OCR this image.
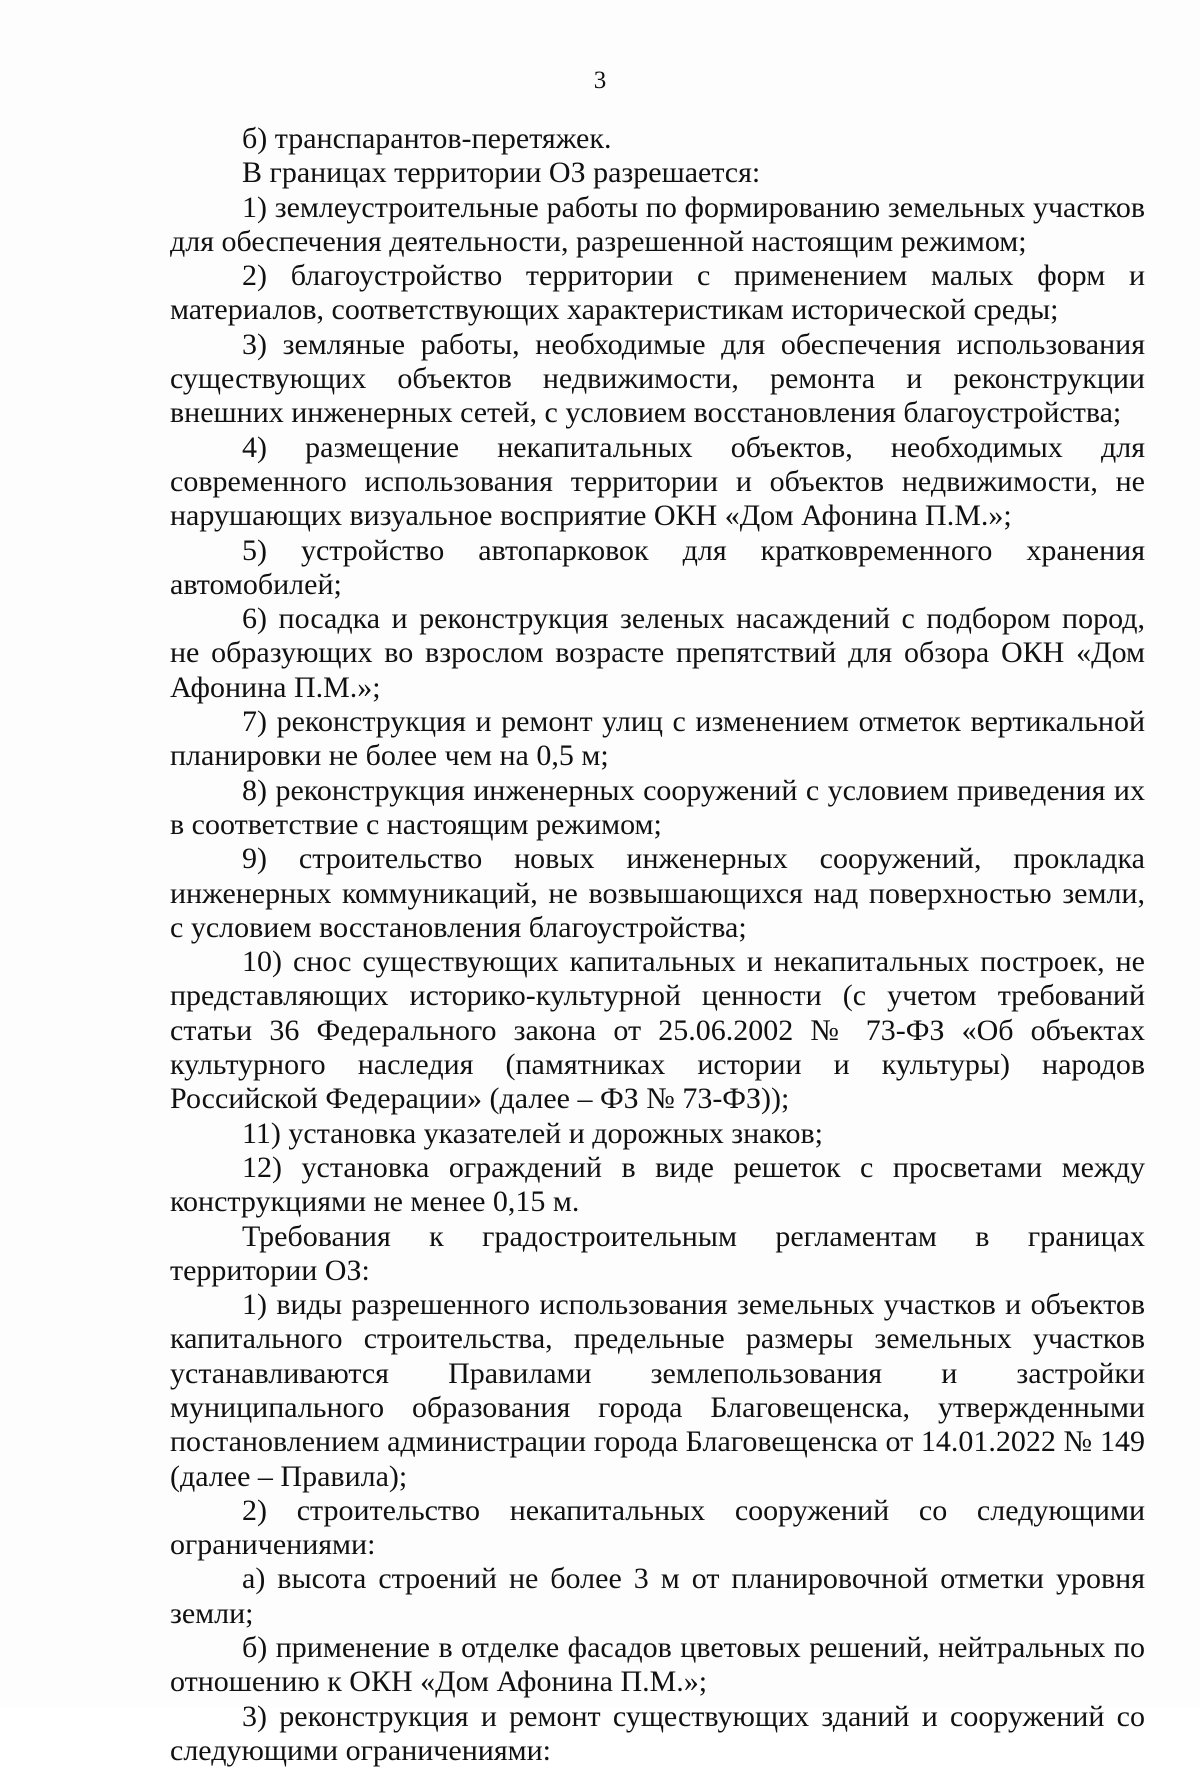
3

б) транспарантов-перетяжек.

В границах территории ОЗ разрешается:

1) землеустроительные работы по формированию земельных участков для обеспечения деятельности, разрешенной настоящим режимом;

2) благоустройство территории с применением малых форм и материалов, соответствующих характеристикам исторической среды;

3) земляные работы, необходимые для обеспечения использования существующих объектов недвижимости, ремонта и реконструкции внешних инженерных сетей, с условием восстановления благоустройства;

4) размещение некапитальных объектов, необходимых для современного использования территории и объектов недвижимости, не нарушающих визуальное восприятие ОКН «Дом Афонина П.М.»;

5) устройство автопарковок для кратковременного хранения автомобилей;

6) посадка и реконструкция зеленых насаждений с подбором пород, не образующих во взрослом возрасте препятствий для обзора ОКН «Дом Афонина П.М.»;

7) реконструкция и ремонт улиц с изменением отметок вертикальной планировки не более чем на 0,5 м;

8) реконструкция инженерных сооружений с условием приведения их в соответствие с настоящим режимом;

9) строительство новых инженерных сооружений, прокладка инженерных коммуникаций, не возвышающихся над поверхностью земли, с условием восстановления благоустройства;

10) снос существующих капитальных и некапитальных построек, не представляющих историко-культурной ценности (с учетом требований статьи 36 Федерального закона от 25.06.2002 № 73-ФЗ «Об объектах культурного наследия (памятниках истории и культуры) народов Российской Федерации» (далее – ФЗ № 73-ФЗ));

11) установка указателей и дорожных знаков;

12) установка ограждений в виде решеток с просветами между конструкциями не менее 0,15 м.

Требования к градостроительным регламентам в границах территории ОЗ:

1) виды разрешенного использования земельных участков и объектов капитального строительства, предельные размеры земельных участков устанавливаются Правилами землепользования и застройки муниципального образования города Благовещенска, утвержденными постановлением администрации города Благовещенска от 14.01.2022 № 149 (далее – Правила);

2) строительство некапитальных сооружений со следующими ограничениями:

а) высота строений не более 3 м от планировочной отметки уровня земли;

б) применение в отделке фасадов цветовых решений, нейтральных по отношению к ОКН «Дом Афонина П.М.»;

3) реконструкция и ремонт существующих зданий и сооружений со следующими ограничениями:
